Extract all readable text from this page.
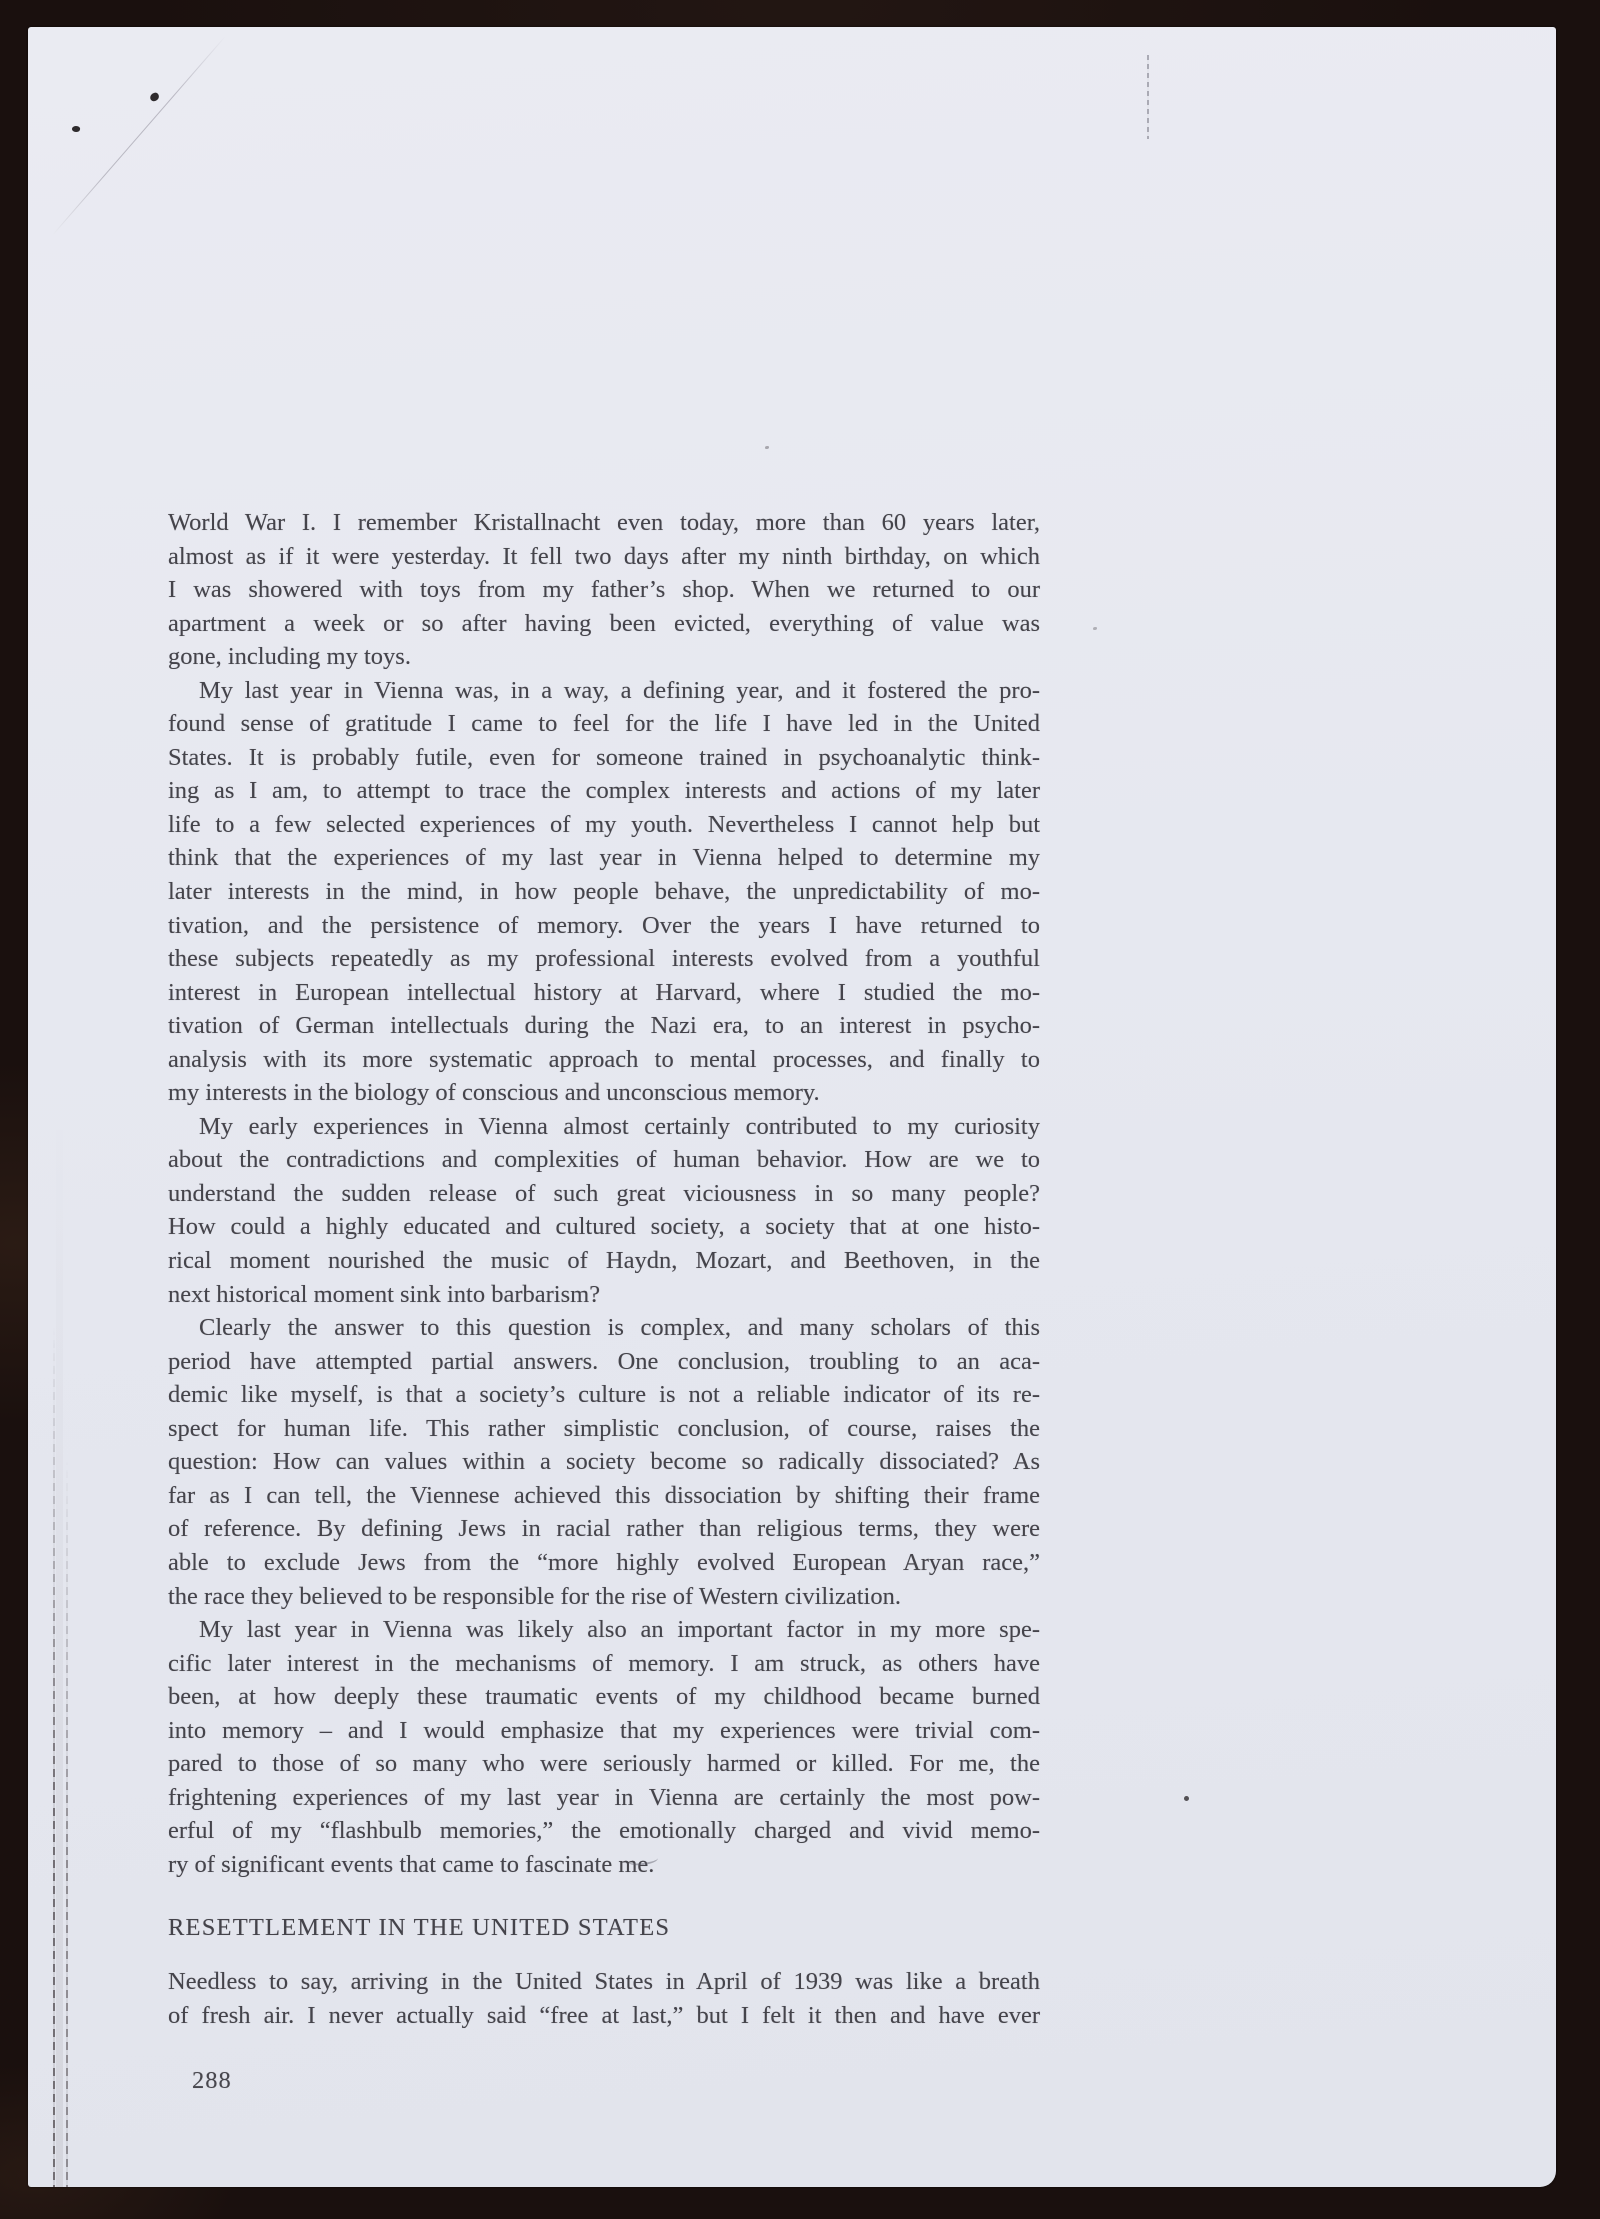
World War I. I remember Kristallnacht even today, more than 60 years later,
almost as if it were yesterday. It fell two days after my ninth birthday, on which
I was showered with toys from my father’s shop. When we returned to our
apartment a week or so after having been evicted, everything of value was
gone, including my toys.
My last year in Vienna was, in a way, a defining year, and it fostered the pro-
found sense of gratitude I came to feel for the life I have led in the United
States. It is probably futile, even for someone trained in psychoanalytic think-
ing as I am, to attempt to trace the complex interests and actions of my later
life to a few selected experiences of my youth. Nevertheless I cannot help but
think that the experiences of my last year in Vienna helped to determine my
later interests in the mind, in how people behave, the unpredictability of mo-
tivation, and the persistence of memory. Over the years I have returned to
these subjects repeatedly as my professional interests evolved from a youthful
interest in European intellectual history at Harvard, where I studied the mo-
tivation of German intellectuals during the Nazi era, to an interest in psycho-
analysis with its more systematic approach to mental processes, and finally to
my interests in the biology of conscious and unconscious memory.
My early experiences in Vienna almost certainly contributed to my curiosity
about the contradictions and complexities of human behavior. How are we to
understand the sudden release of such great viciousness in so many people?
How could a highly educated and cultured society, a society that at one histo-
rical moment nourished the music of Haydn, Mozart, and Beethoven, in the
next historical moment sink into barbarism?
Clearly the answer to this question is complex, and many scholars of this
period have attempted partial answers. One conclusion, troubling to an aca-
demic like myself, is that a society’s culture is not a reliable indicator of its re-
spect for human life. This rather simplistic conclusion, of course, raises the
question: How can values within a society become so radically dissociated? As
far as I can tell, the Viennese achieved this dissociation by shifting their frame
of reference. By defining Jews in racial rather than religious terms, they were
able to exclude Jews from the “more highly evolved European Aryan race,”
the race they believed to be responsible for the rise of Western civilization.
My last year in Vienna was likely also an important factor in my more spe-
cific later interest in the mechanisms of memory. I am struck, as others have
been, at how deeply these traumatic events of my childhood became burned
into memory – and I would emphasize that my experiences were trivial com-
pared to those of so many who were seriously harmed or killed. For me, the
frightening experiences of my last year in Vienna are certainly the most pow-
erful of my “flashbulb memories,” the emotionally charged and vivid memo-
ry of significant events that came to fascinate me.
RESETTLEMENT IN THE UNITED STATES
Needless to say, arriving in the United States in April of 1939 was like a breath
of fresh air. I never actually said “free at last,” but I felt it then and have ever
288
